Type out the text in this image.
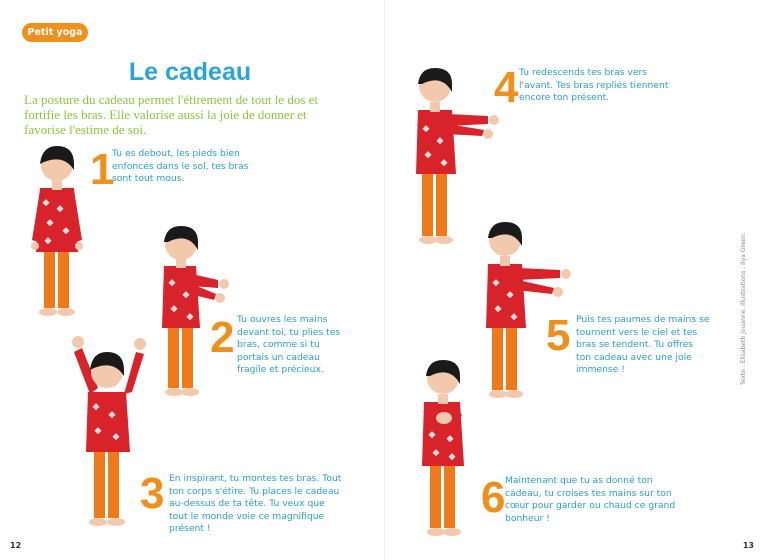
Petit yoga
Le cadeau
La posture du cadeau permet l'étirement de tout le dos et fortifie les bras. Elle valorise aussi la joie de donner et favorise l'estime de soi.
1
Tu es debout, les pieds bien enfoncés dans le sol, tes bras sont tout mous.
2 Tu ouvres les mains devant toi, tu plies tes bras, comme si tu portais un cadeau fragile et précieux.
3 En inspirant, tu montes tes bras. Tout ton corps s'étire. Tu places le cadeau au-dessus de ta tête. Tu veux que tout le monde voie ce magnifique présent !
4 Tu redescends tes bras vers l'avant. Tes bras repliés tiennent encore ton présent.
5 Puis tes paumes de mains se tournent vers le ciel et tes bras se tendent. Tu offres ton cadeau avec une joie immense !
6 Maintenant que tu as donné ton cadeau, tu croises tes mains sur ton cœur pour garder ou chaud ce grand bonheur !
12	13
Texte : Élisabeth Jouanne. Illustrations : Ilya Green.
